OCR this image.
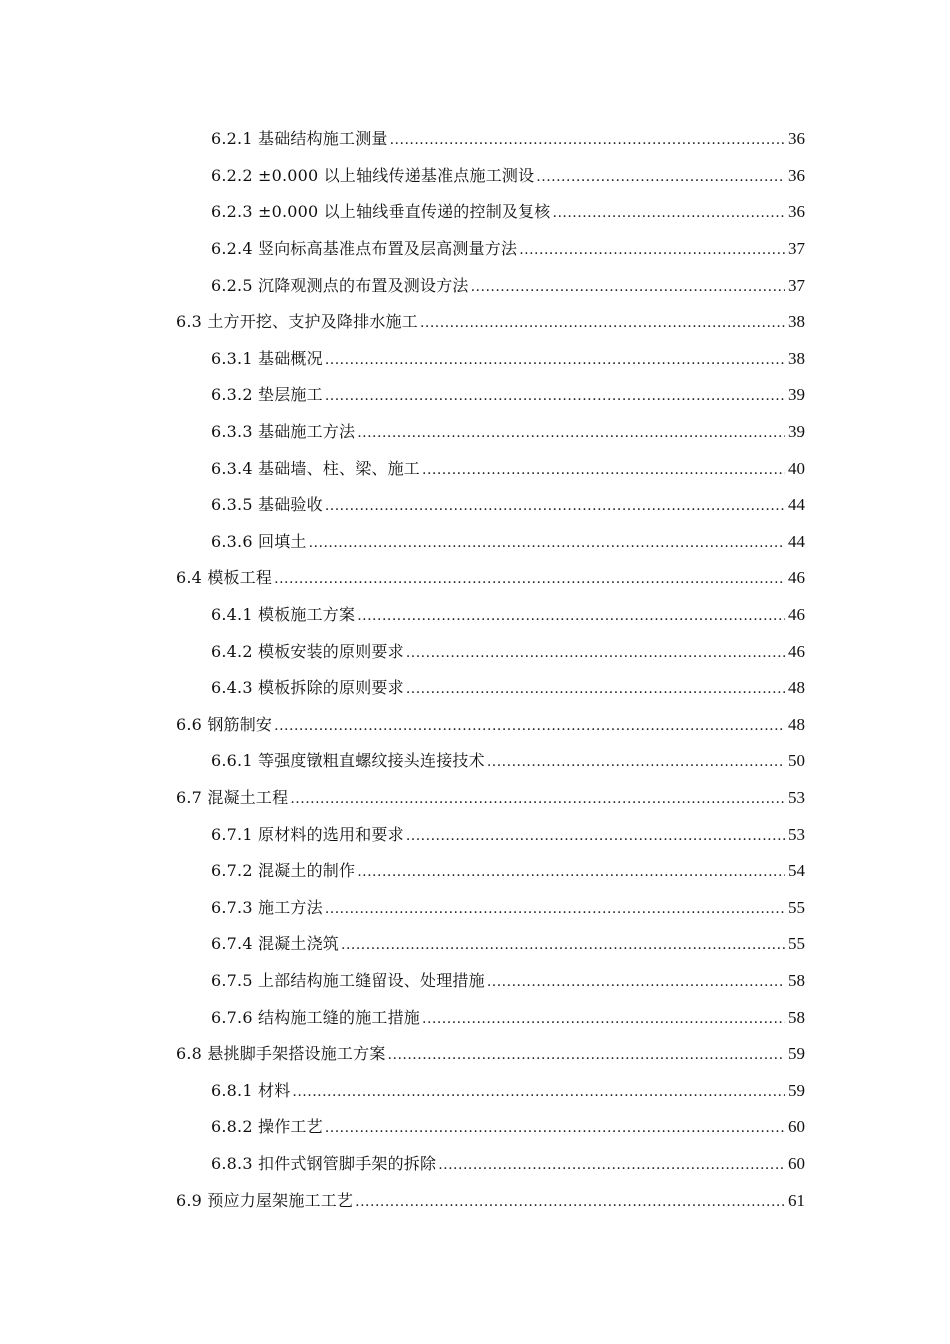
6.2.1 基础结构施工测量 .....	36
6.2.2 ±0.000 以上轴线传递基准点施工测设 .....	36
6.2.3 ±0.000 以上轴线垂直传递的控制及复核 .....	36
6.2.4 竖向标高基准点布置及层高测量方法 .....	37
6.2.5 沉降观测点的布置及测设方法 .....	37
6.3 土方开挖、支护及降排水施工 .....	38
6.3.1 基础概况 .....	38
6.3.2 垫层施工 .....	39
6.3.3 基础施工方法 .....	39
6.3.4 基础墙、柱、梁、施工 .....	40
6.3.5 基础验收 .....	44
6.3.6 回填土 .....	44
6.4 模板工程 .....	46
6.4.1 模板施工方案 .....	46
6.4.2 模板安装的原则要求 .....	46
6.4.3 模板拆除的原则要求 .....	48
6.6 钢筋制安 .....	48
6.6.1 等强度镦粗直螺纹接头连接技术 .....	50
6.7 混凝土工程 .....	53
6.7.1 原材料的选用和要求 .....	53
6.7.2 混凝土的制作 .....	54
6.7.3 施工方法 .....	55
6.7.4 混凝土浇筑 .....	55
6.7.5 上部结构施工缝留设、处理措施 .....	58
6.7.6 结构施工缝的施工措施 .....	58
6.8 悬挑脚手架搭设施工方案 .....	59
6.8.1 材料 .....	59
6.8.2 操作工艺 .....	60
6.8.3 扣件式钢管脚手架的拆除 .....	60
6.9 预应力屋架施工工艺 .....	61
